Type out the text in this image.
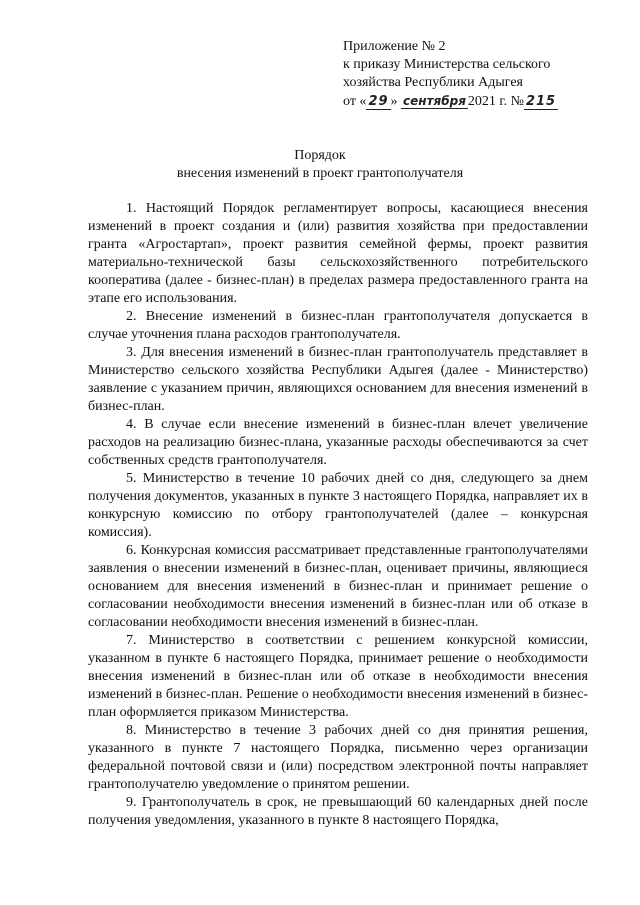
Приложение № 2
к приказу Министерства сельского
хозяйства Республики Адыгея
от « 29 » сентября 2021 г. № 215
Порядок
внесения изменений в проект грантополучателя

1. Настоящий Порядок регламентирует вопросы, касающиеся внесения изменений в проект создания и (или) развития хозяйства при предоставлении гранта «Агростартап», проект развития семейной фермы, проект развития материально-технической базы сельскохозяйственного потребительского кооператива (далее - бизнес-план) в пределах размера предоставленного гранта на этапе его использования.

2. Внесение изменений в бизнес-план грантополучателя допускается в случае уточнения плана расходов грантополучателя.

3. Для внесения изменений в бизнес-план грантополучатель представляет в Министерство сельского хозяйства Республики Адыгея (далее - Министерство) заявление с указанием причин, являющихся основанием для внесения изменений в бизнес-план.

4. В случае если внесение изменений в бизнес-план влечет увеличение расходов на реализацию бизнес-плана, указанные расходы обеспечиваются за счет собственных средств грантополучателя.

5. Министерство в течение 10 рабочих дней со дня, следующего за днем получения документов, указанных в пункте 3 настоящего Порядка, направляет их в конкурсную комиссию по отбору грантополучателей (далее – конкурсная комиссия).

6. Конкурсная комиссия рассматривает представленные грантополучателями заявления о внесении изменений в бизнес-план, оценивает причины, являющиеся основанием для внесения изменений в бизнес-план и принимает решение о согласовании необходимости внесения изменений в бизнес-план или об отказе в согласовании необходимости внесения изменений в бизнес-план.

7. Министерство в соответствии с решением конкурсной комиссии, указанном в пункте 6 настоящего Порядка, принимает решение о необходимости внесения изменений в бизнес-план или об отказе в необходимости внесения изменений в бизнес-план. Решение о необходимости внесения изменений в бизнес-план оформляется приказом Министерства.

8. Министерство в течение 3 рабочих дней со дня принятия решения, указанного в пункте 7 настоящего Порядка, письменно через организации федеральной почтовой связи и (или) посредством электронной почты направляет грантополучателю уведомление о принятом решении.

9. Грантополучатель в срок, не превышающий 60 календарных дней после получения уведомления, указанного в пункте 8 настоящего Порядка,
